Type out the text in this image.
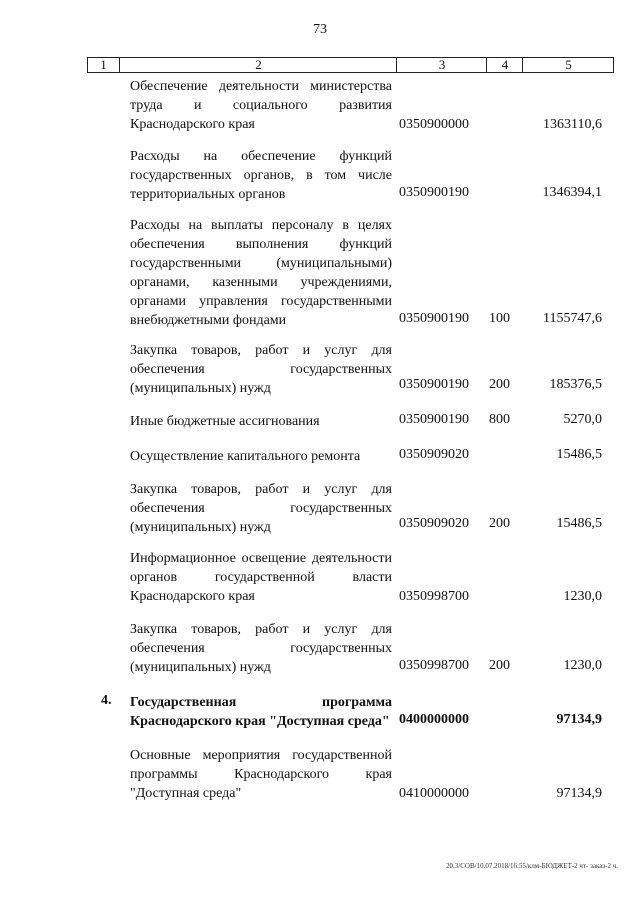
73
1	2	3	4	5
Обеспечение деятельности министерства труда и социального развития Краснодарского края	0350900000	1363110,6
Расходы на обеспечение функций государственных органов, в том числе территориальных органов	0350900190	1346394,1
Расходы на выплаты персоналу в целях обеспечения выполнения функций государственными (муниципальными) органами, казенными учреждениями, органами управления государственными внебюджетными фондами	0350900190 100 1155747,6
Закупка товаров, работ и услуг для обеспечения государственных (муниципальных) нужд	0350900190 200	185376,5
Иные бюджетные ассигнования	0350900190 800	5270,0
Осуществление капитального ремонта	0350909020	15486,5
Закупка товаров, работ и услуг для обеспечения государственных (муниципальных) нужд	0350909020 200	15486,5
Информационное освещение деятельности органов государственной власти Краснодарского края	0350998700	1230,0
Закупка товаров, работ и услуг для обеспечения государственных (муниципальных) нужд	0350998700 200	1230,0
4.	Государственная программа Краснодарского края "Доступная среда" 0400000000	97134,9
Основные мероприятия государственной программы Краснодарского края "Доступная среда"	0410000000	97134,9
20.3/СОВ/10.07.2018/16:55/клм-БЮДЖЕТ-2 чт- заказ-2 ч.
